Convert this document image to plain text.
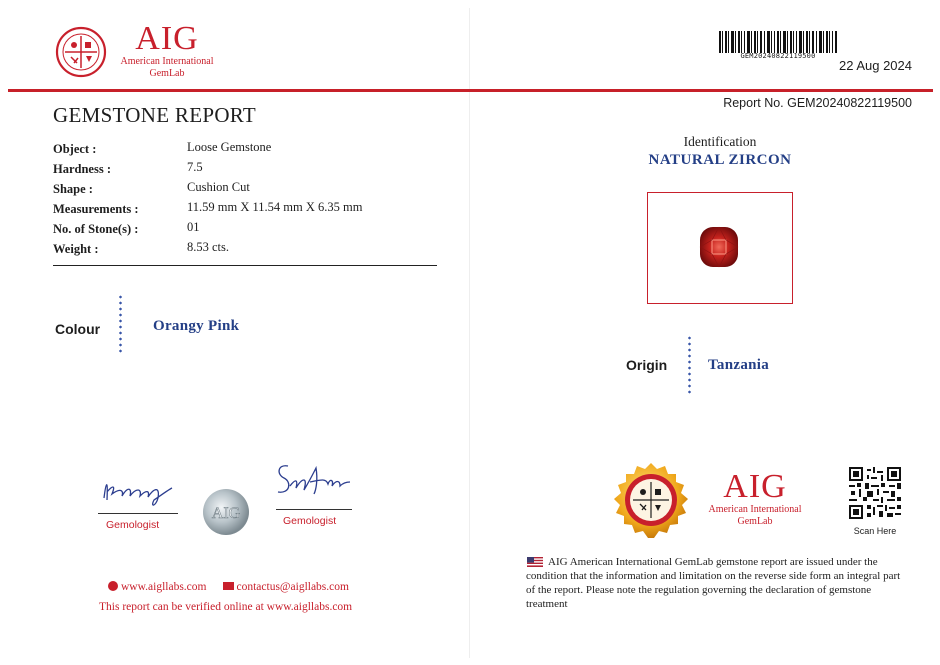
AIG
American International
GemLab
GEM20240822119500
22 Aug 2024
Report No. GEM20240822119500
GEMSTONE REPORT
Object :	Loose Gemstone
Hardness :	7.5
Shape :	Cushion Cut
Measurements :	11.59 mm X 11.54 mm X 6.35 mm
No. of Stone(s) :	01
Weight :	8.53 cts.
Colour	Orangy Pink
Gemologist	Gemologist
AIG
www.aigllabs.com	contactus@aigllabs.com
This report can be verified online at www.aigllabs.com
Identification
NATURAL ZIRCON
Origin	Tanzania
AIG
American International
GemLab
Scan Here
AIG American International GemLab gemstone report are issued under the condition that the information and limitation on the reverse side form an integral part of the report. Please note the regulation governing the declaration of gemstone treatment
